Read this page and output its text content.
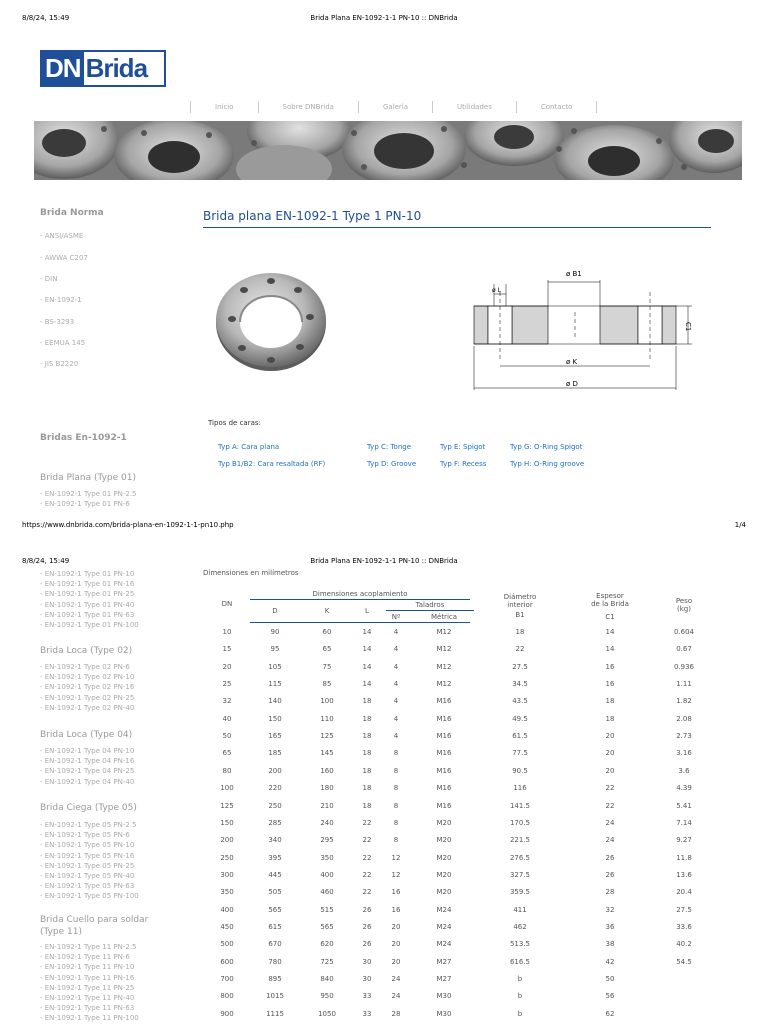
8/8/24, 15:49	Brida Plana EN-1092-1-1 PN-10 :: DNBrida
DN Brida
Inicio	Sobre DNBrida	Galeria	Utilidades	Contacto
Brida Norma
- ANSI/ASME
- AWWA C207
- DIN
- EN-1092-1
- BS-3293
- EEMUA 145
- JIS B2220
Bridas En-1092-1
Brida Plana (Type 01)
- EN-1092-1 Type 01 PN-2.5
- EN-1092-1 Type 01 PN-6
Brida plana EN-1092-1 Type 1 PN-10
ø B1
ø L
C1
ø K
ø D
Tipos de caras:
Typ A: Cara plana	Typ C: Tonge	Typ E: Spigot	Typ G: O-Ring Spigot
Typ B1/B2: Cara resaltada (RF)	Typ D: Groove	Typ F: Recess	Typ H: O-Ring groove
https://www.dnbrida.com/brida-plana-en-1092-1-1-pn10.php	1/4
8/8/24, 15:49	Brida Plana EN-1092-1-1 PN-10 :: DNBrida
- EN-1092-1 Type 01 PN-10
- EN-1092-1 Type 01 PN-16
- EN-1092-1 Type 01 PN-25
- EN-1092-1 Type 01 PN-40
- EN-1092-1 Type 01 PN-63
- EN-1092-1 Type 01 PN-100
Brida Loca (Type 02)
- EN-1092-1 Type 02 PN-6
- EN-1092-1 Type 02 PN-10
- EN-1092-1 Type 02 PN-16
- EN-1092-1 Type 02 PN-25
- EN-1092-1 Type 02 PN-40
Brida Loca (Type 04)
- EN-1092-1 Type 04 PN-10
- EN-1092-1 Type 04 PN-16
- EN-1092-1 Type 04 PN-25
- EN-1092-1 Type 04 PN-40
Brida Ciega (Type 05)
- EN-1092-1 Type 05 PN-2.5
- EN-1092-1 Type 05 PN-6
- EN-1092-1 Type 05 PN-10
- EN-1092-1 Type 05 PN-16
- EN-1092-1 Type 05 PN-25
- EN-1092-1 Type 05 PN-40
- EN-1092-1 Type 05 PN-63
- EN-1092-1 Type 05 PN-100
Brida Cuello para soldar (Type 11)
- EN-1092-1 Type 11 PN-2.5
- EN-1092-1 Type 11 PN-6
- EN-1092-1 Type 11 PN-10
- EN-1092-1 Type 11 PN-16
- EN-1092-1 Type 11 PN-25
- EN-1092-1 Type 11 PN-40
- EN-1092-1 Type 11 PN-63
- EN-1092-1 Type 11 PN-100
Dimensiones en milímetros
DN
Dimensiones acoplamiento
D	K	L
Taladros
Nº	Métrica
Diámetro
interior
B1
Espesor
de la Brida
C1
Peso
(kg)
10	90	60	14	4	M12	18	14	0.604
15	95	65	14	4	M12	22	14	0.67
20	105	75	14	4	M12	27.5	16	0.936
25	115	85	14	4	M12	34.5	16	1.11
32	140	100	18	4	M16	43.5	18	1.82
40	150	110	18	4	M16	49.5	18	2.08
50	165	125	18	4	M16	61.5	20	2.73
65	185	145	18	8	M16	77.5	20	3.16
80	200	160	18	8	M16	90.5	20	3.6
100	220	180	18	8	M16	116	22	4.39
125	250	210	18	8	M16	141.5	22	5.41
150	285	240	22	8	M20	170.5	24	7.14
200	340	295	22	8	M20	221.5	24	9.27
250	395	350	22	12	M20	276.5	26	11.8
300	445	400	22	12	M20	327.5	26	13.6
350	505	460	22	16	M20	359.5	28	20.4
400	565	515	26	16	M24	411	32	27.5
450	615	565	26	20	M24	462	36	33.6
500	670	620	26	20	M24	513.5	38	40.2
600	780	725	30	20	M27	616.5	42	54.5
700	895	840	30	24	M27	b	50
800	1015	950	33	24	M30	b	56
900	1115	1050	33	28	M30	b	62
